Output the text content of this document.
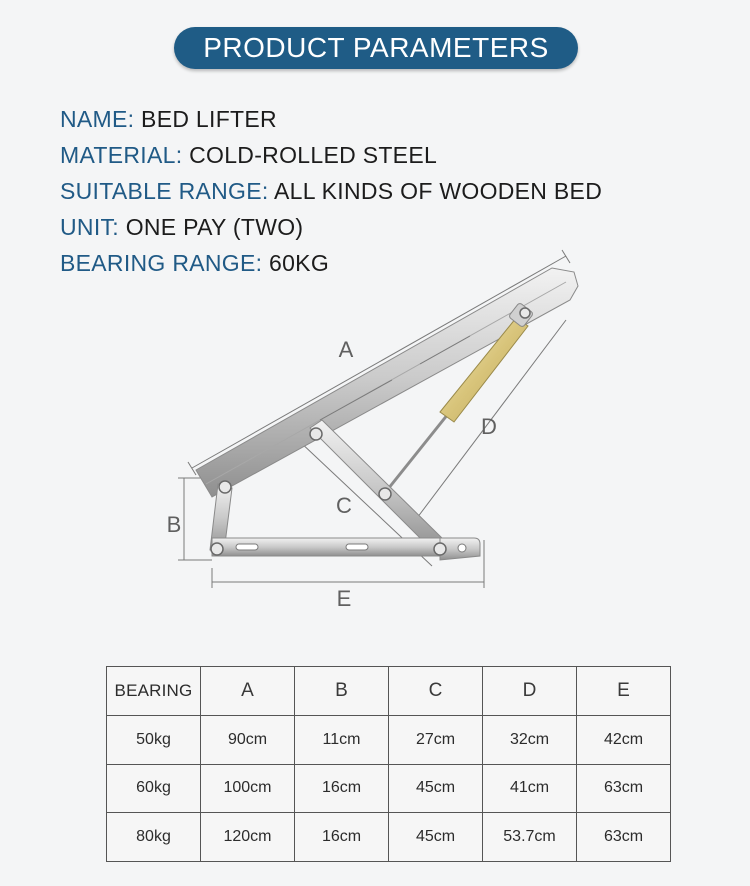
PRODUCT PARAMETERS
NAME: BED LIFTER
MATERIAL: COLD-ROLLED STEEL
SUITABLE RANGE: ALL KINDS OF WOODEN BED
UNIT: ONE PAY (TWO)
BEARING RANGE: 60KG
A
B
C
D
E
BEARING	A	B	C	D	E
50kg	90cm	11cm	27cm	32cm	42cm
60kg	100cm	16cm	45cm	41cm	63cm
80kg	120cm	16cm	45cm	53.7cm	63cm
